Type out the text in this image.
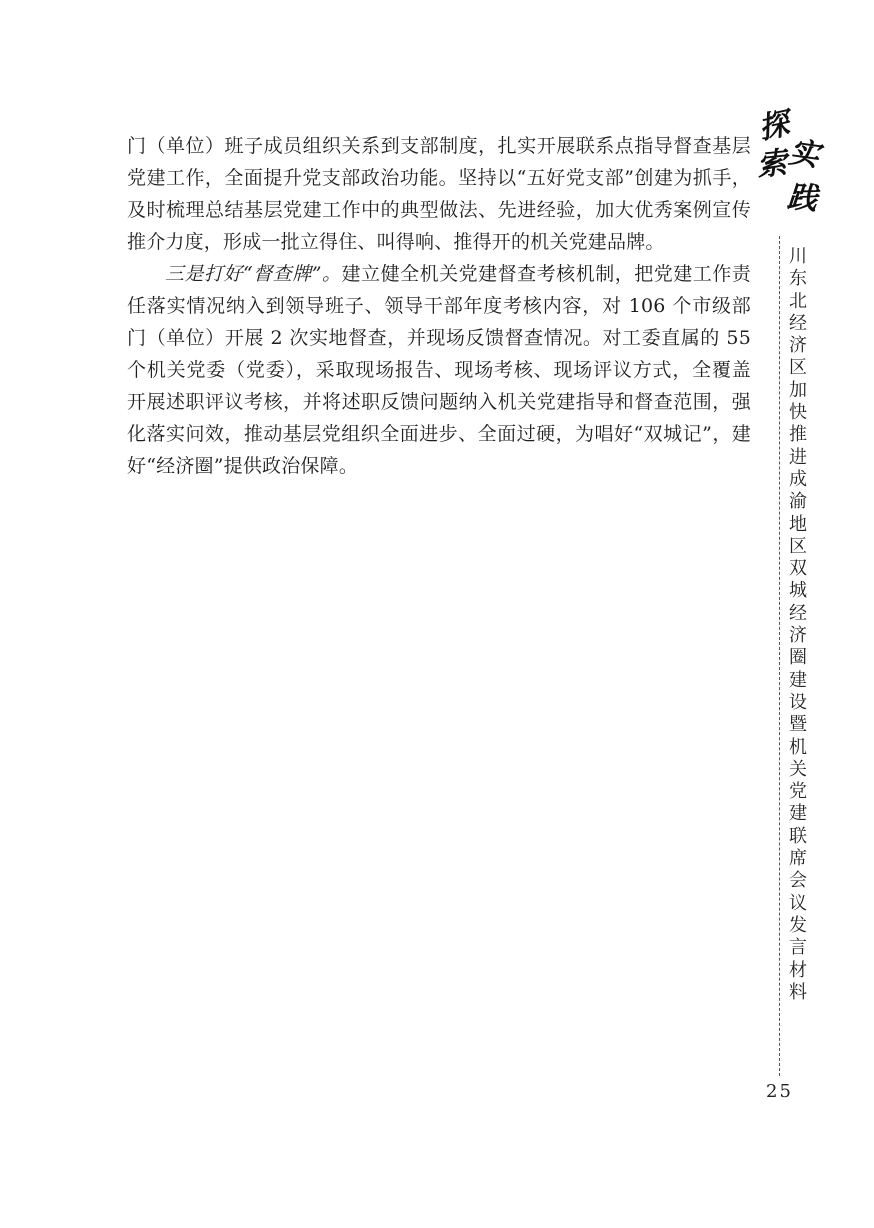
门（单位）班子成员组织关系到支部制度，扎实开展联系点指导督查基层党建工作，全面提升党支部政治功能。坚持以“五好党支部”创建为抓手，及时梳理总结基层党建工作中的典型做法、先进经验，加大优秀案例宣传推介力度，形成一批立得住、叫得响、推得开的机关党建品牌。

三是打好“督查牌”。建立健全机关党建督查考核机制，把党建工作责任落实情况纳入到领导班子、领导干部年度考核内容，对 106 个市级部门（单位）开展 2 次实地督查，并现场反馈督查情况。对工委直属的 55 个机关党委（党委），采取现场报告、现场考核、现场评议方式，全覆盖开展述职评议考核，并将述职反馈问题纳入机关党建指导和督查范围，强化落实问效，推动基层党组织全面进步、全面过硬，为唱好“双城记”，建好“经济圈”提供政治保障。

探
索
实
践
川东北经济区加快推进成渝地区双城经济圈建设暨机关党建联席会议发言材料
25
